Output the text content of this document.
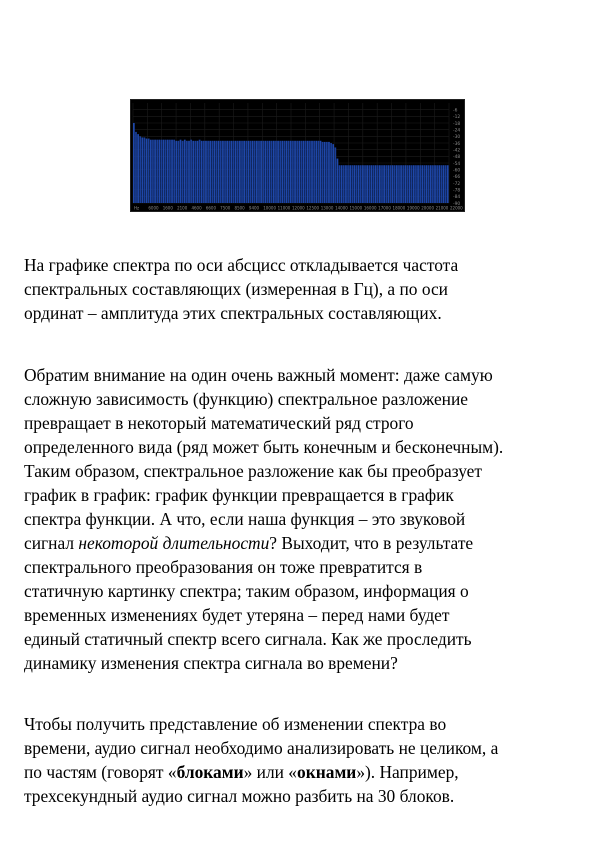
-6
-12
-18
-24
-30
-36
-42
-48
-54
-60
-66
-72
-78
-84
-90
Hz 6000 1600 2100 4600 6600 7500 8500 9400 10000 11000 12000 12500 13000 14000 15000 16000 17000 18000 19000 20000 21000 22000

На графике спектра по оси абсцисс откладывается частота
спектральных составляющих (измеренная в Гц), а по оси
ординат – амплитуда этих спектральных составляющих.

Обратим внимание на один очень важный момент: даже самую
сложную зависимость (функцию) спектральное разложение
превращает в некоторый математический ряд строго
определенного вида (ряд может быть конечным и бесконечным).
Таким образом, спектральное разложение как бы преобразует
график в график: график функции превращается в график
спектра функции. А что, если наша функция – это звуковой
сигнал некоторой длительности? Выходит, что в результате
спектрального преобразования он тоже превратится в
статичную картинку спектра; таким образом, информация о
временных изменениях будет утеряна – перед нами будет
единый статичный спектр всего сигнала. Как же проследить
динамику изменения спектра сигнала во времени?

Чтобы получить представление об изменении спектра во
времени, аудио сигнал необходимо анализировать не целиком, а
по частям (говорят «блоками» или «окнами»). Например,
трехсекундный аудио сигнал можно разбить на 30 блоков.
